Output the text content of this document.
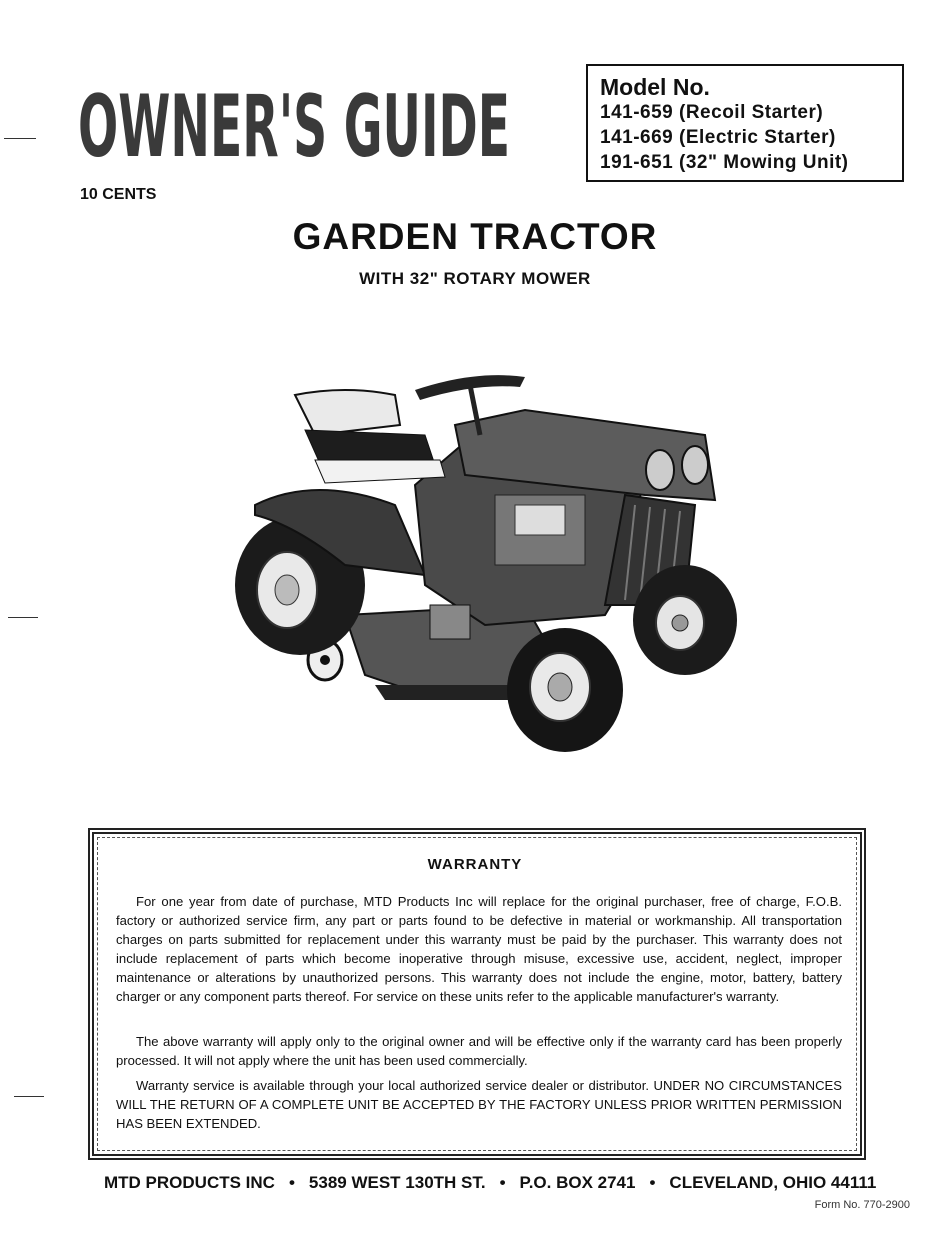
OWNER'S GUIDE
10 CENTS
Model No.
141-659 (Recoil Starter)
141-669 (Electric Starter)
191-651 (32" Mowing Unit)
GARDEN TRACTOR
WITH 32" ROTARY MOWER
WARRANTY

For one year from date of purchase, MTD Products Inc will replace for the original purchaser, free of charge, F.O.B. factory or authorized service firm, any part or parts found to be defective in material or workmanship. All transportation charges on parts submitted for replacement under this warranty must be paid by the purchaser. This warranty does not include replacement of parts which become inoperative through misuse, excessive use, accident, neglect, improper maintenance or alterations by unauthorized persons. This warranty does not include the engine, motor, battery, battery charger or any component parts thereof. For service on these units refer to the applicable manufacturer's warranty.

The above warranty will apply only to the original owner and will be effective only if the warranty card has been properly processed. It will not apply where the unit has been used commercially.

Warranty service is available through your local authorized service dealer or distributor. UNDER NO CIRCUMSTANCES WILL THE RETURN OF A COMPLETE UNIT BE ACCEPTED BY THE FACTORY UNLESS PRIOR WRITTEN PERMISSION HAS BEEN EXTENDED.

MTD PRODUCTS INC • 5389 WEST 130TH ST. • P.O. BOX 2741 • CLEVELAND, OHIO 44111
Form No. 770-2900
